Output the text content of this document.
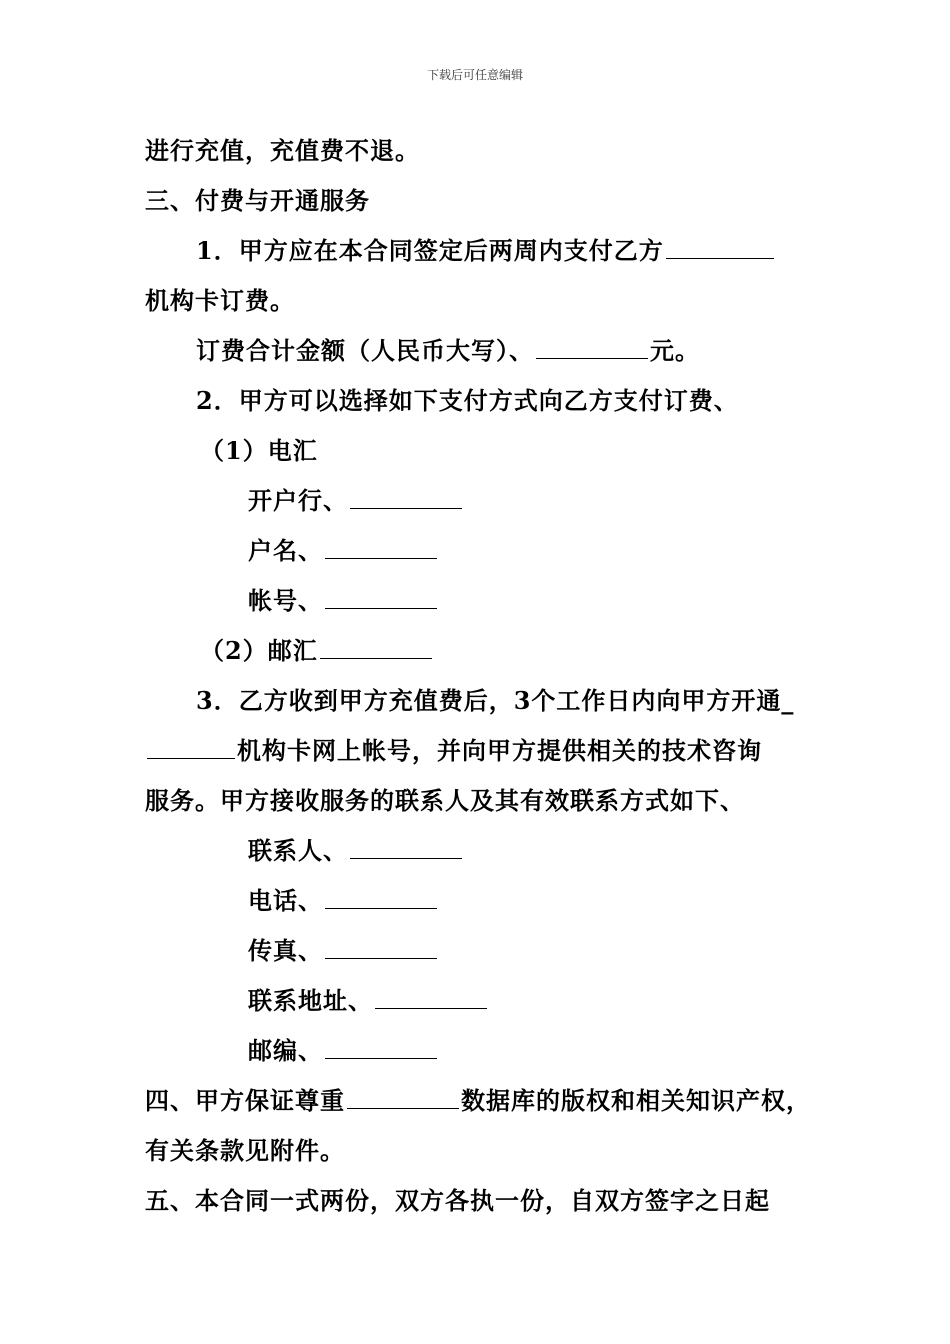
下载后可任意编辑
进行充值，充值费不退。
三、付费与开通服务
1．甲方应在本合同签定后两周内支付乙方
机构卡订费。
订费合计金额（人民币大写）、	元。
2．甲方可以选择如下支付方式向乙方支付订费、
（1）电汇
开户行、
户名、
帐号、
（2）邮汇
3．乙方收到甲方充值费后，3个工作日内向甲方开通_
机构卡网上帐号，并向甲方提供相关的技术咨询
服务。甲方接收服务的联系人及其有效联系方式如下、
联系人、
电话、
传真、
联系地址、
邮编、
四、甲方保证尊重	数据库的版权和相关知识产权，
有关条款见附件。
五、本合同一式两份，双方各执一份，自双方签字之日起
